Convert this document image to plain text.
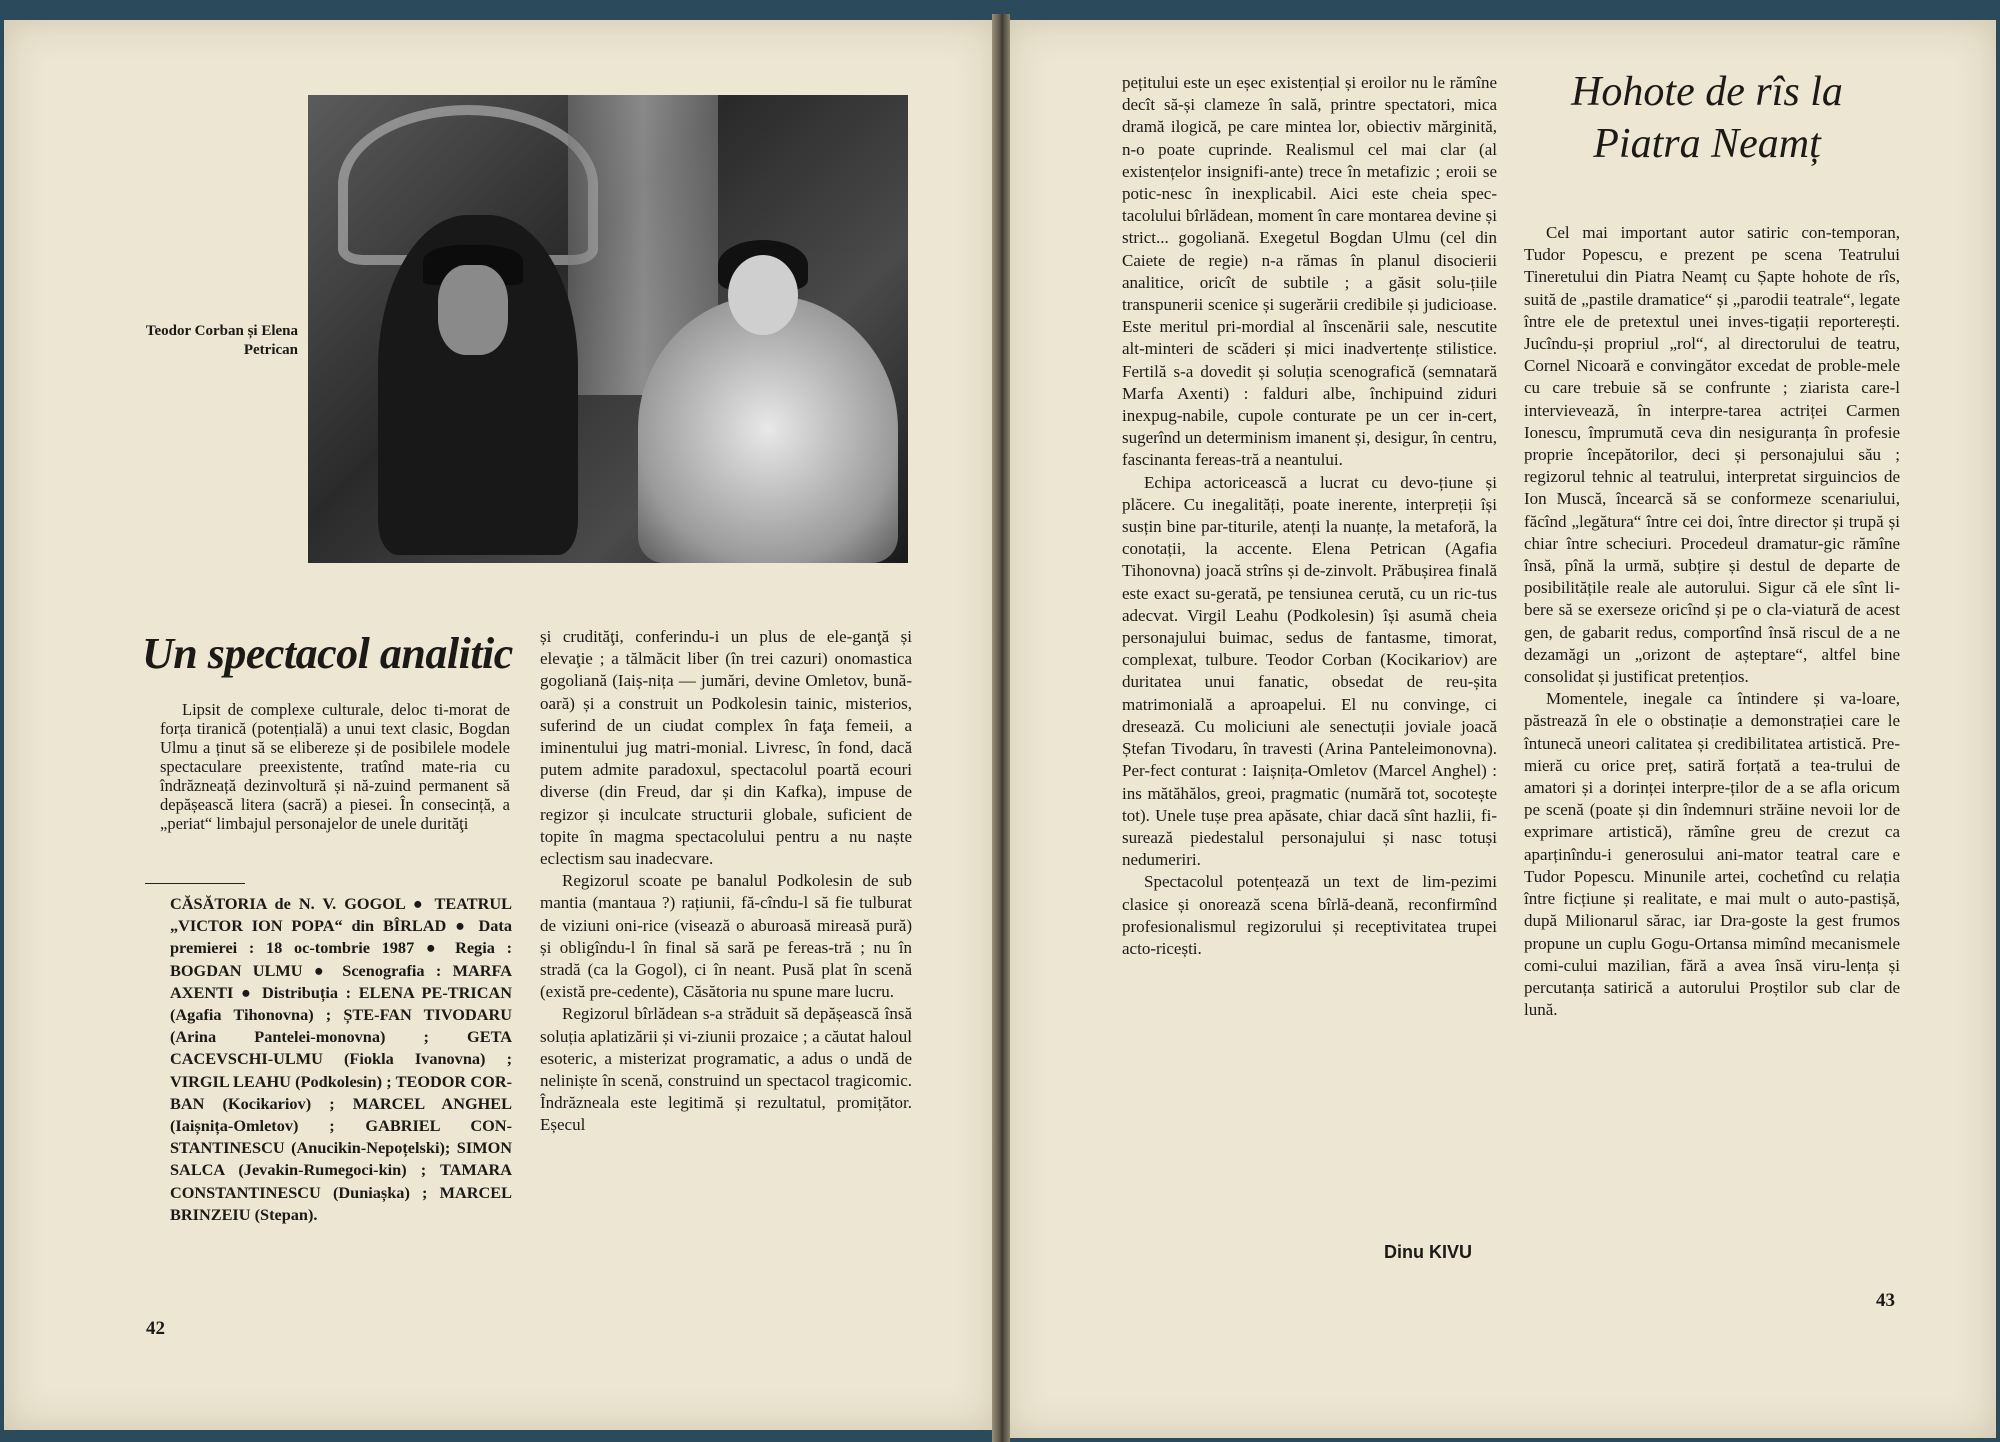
Teodor Corban și Elena Petrican
Un spectacol analitic

Lipsit de complexe culturale, deloc ti-morat de forța tiranică (potențială) a unui text clasic, Bogdan Ulmu a ținut să se elibereze și de posibilele modele spectaculare preexistente, tratînd mate-ria cu îndrăzneață dezinvoltură și nă-zuind permanent să depășească litera (sacră) a piesei. În consecință, a „periat“ limbajul personajelor de unele durităţi

CĂSĂTORIA de N. V. GOGOL ● TEATRUL „VICTOR ION POPA“ din BÎRLAD ● Data premierei : 18 oc-tombrie 1987 ● Regia : BOGDAN ULMU ● Scenografia : MARFA AXENTI ● Distribuția : ELENA PE-TRICAN (Agafia Tihonovna) ; ȘTE-FAN TIVODARU (Arina Pantelei-monovna) ; GETA CACEVSCHI-ULMU (Fiokla Ivanovna) ; VIRGIL LEAHU (Podkolesin) ; TEODOR COR-BAN (Kocikariov) ; MARCEL ANGHEL (Iaișnița-Omletov) ; GABRIEL CON-STANTINESCU (Anucikin-Nepoțelski); SIMON SALCA (Jevakin-Rumegoci-kin) ; TAMARA CONSTANTINESCU (Duniașka) ; MARCEL BRINZEIU (Stepan).

și crudităţi, conferindu-i un plus de ele-ganţă și elevaţie ; a tălmăcit liber (în trei cazuri) onomastica gogoliană (Iaiș-nița — jumări, devine Omletov, bună-oară) și a construit un Podkolesin tainic, misterios, suferind de un ciudat complex în faţa femeii, a iminentului jug matri-monial. Livresc, în fond, dacă putem admite paradoxul, spectacolul poartă ecouri diverse (din Freud, dar și din Kafka), impuse de regizor și inculcate structurii globale, suficient de topite în magma spectacolului pentru a nu naște eclectism sau inadecvare.

Regizorul scoate pe banalul Podkolesin de sub mantia (mantaua ?) rațiunii, fă-cîndu-l să fie tulburat de viziuni oni-rice (visează o aburoasă mireasă pură) și obligîndu-l în final să sară pe fereas-tră ; nu în stradă (ca la Gogol), ci în neant. Pusă plat în scenă (există pre-cedente), Căsătoria nu spune mare lucru.

Regizorul bîrlădean s-a străduit să depășească însă soluția aplatizării și vi-ziunii prozaice ; a căutat haloul esoteric, a misterizat programatic, a adus o undă de neliniște în scenă, construind un spectacol tragicomic. Îndrăzneala este legitimă și rezultatul, promițător. Eșecul

42

pețitului este un eșec existențial și eroilor nu le rămîne decît să-și clameze în sală, printre spectatori, mica dramă ilogică, pe care mintea lor, obiectiv mărginită, n-o poate cuprinde. Realismul cel mai clar (al existențelor insignifi-ante) trece în metafizic ; eroii se potic-nesc în inexplicabil. Aici este cheia spec-tacolului bîrlădean, moment în care montarea devine și strict... gogoliană. Exegetul Bogdan Ulmu (cel din Caiete de regie) n-a rămas în planul disocierii analitice, oricît de subtile ; a găsit solu-țiile transpunerii scenice și sugerării credibile și judicioase. Este meritul pri-mordial al înscenării sale, nescutite alt-minteri de scăderi și mici inadvertențe stilistice. Fertilă s-a dovedit și soluția scenografică (semnatară Marfa Axenti) : falduri albe, închipuind ziduri inexpug-nabile, cupole conturate pe un cer in-cert, sugerînd un determinism imanent și, desigur, în centru, fascinanta fereas-tră a neantului.

Echipa actoricească a lucrat cu devo-țiune și plăcere. Cu inegalități, poate inerente, interpreții își susțin bine par-titurile, atenți la nuanțe, la metaforă, la conotații, la accente. Elena Petrican (Agafia Tihonovna) joacă strîns și de-zinvolt. Prăbușirea finală este exact su-gerată, pe tensiunea cerută, cu un ric-tus adecvat. Virgil Leahu (Podkolesin) își asumă cheia personajului buimac, sedus de fantasme, timorat, complexat, tulbure. Teodor Corban (Kocikariov) are duritatea unui fanatic, obsedat de reu-șita matrimonială a aproapelui. El nu convinge, ci dresează. Cu moliciuni ale senectuții joviale joacă Ștefan Tivodaru, în travesti (Arina Panteleimonovna). Per-fect conturat : Iaișnița-Omletov (Marcel Anghel) : ins mătăhălos, greoi, pragmatic (numără tot, socotește tot). Unele tușe prea apăsate, chiar dacă sînt hazlii, fi-surează piedestalul personajului și nasc totuși nedumeriri.

Spectacolul potențează un text de lim-pezimi clasice și onorează scena bîrlă-deană, reconfirmînd profesionalismul regizorului și receptivitatea trupei acto-ricești.

Dinu KIVU
Hohote de rîs la Piatra Neamț

Cel mai important autor satiric con-temporan, Tudor Popescu, e prezent pe scena Teatrului Tineretului din Piatra Neamț cu Șapte hohote de rîs, suită de „pastile dramatice“ și „parodii teatrale“, legate între ele de pretextul unei inves-tigații reporterești. Jucîndu-și propriul „rol“, al directorului de teatru, Cornel Nicoară e convingător excedat de proble-mele cu care trebuie să se confrunte ; ziarista care-l intervievează, în interpre-tarea actriței Carmen Ionescu, împrumută ceva din nesiguranța în profesie proprie începătorilor, deci și personajului său ; regizorul tehnic al teatrului, interpretat sirguincios de Ion Muscă, încearcă să se conformeze scenariului, făcînd „legătura“ între cei doi, între director și trupă și chiar între scheciuri. Procedeul dramatur-gic rămîne însă, pînă la urmă, subțire și destul de departe de posibilitățile reale ale autorului. Sigur că ele sînt li-bere să se exerseze oricînd și pe o cla-viatură de acest gen, de gabarit redus, comportînd însă riscul de a ne dezamăgi un „orizont de așteptare“, altfel bine consolidat și justificat pretențios.

Momentele, inegale ca întindere și va-loare, păstrează în ele o obstinație a demonstrației care le întunecă uneori calitatea și credibilitatea artistică. Pre-mieră cu orice preț, satiră forțată a tea-trului de amatori și a dorinței interpre-ților de a se afla oricum pe scenă (poate și din îndemnuri străine nevoii lor de exprimare artistică), rămîne greu de crezut ca aparținîndu-i generosului ani-mator teatral care e Tudor Popescu. Minunile artei, cochetînd cu relația între ficțiune și realitate, e mai mult o auto-pastișă, după Milionarul sărac, iar Dra-goste la gest frumos propune un cuplu Gogu-Ortansa mimînd mecanismele comi-cului mazilian, fără a avea însă viru-lența și percutanța satirică a autorului Proștilor sub clar de lună.

43
